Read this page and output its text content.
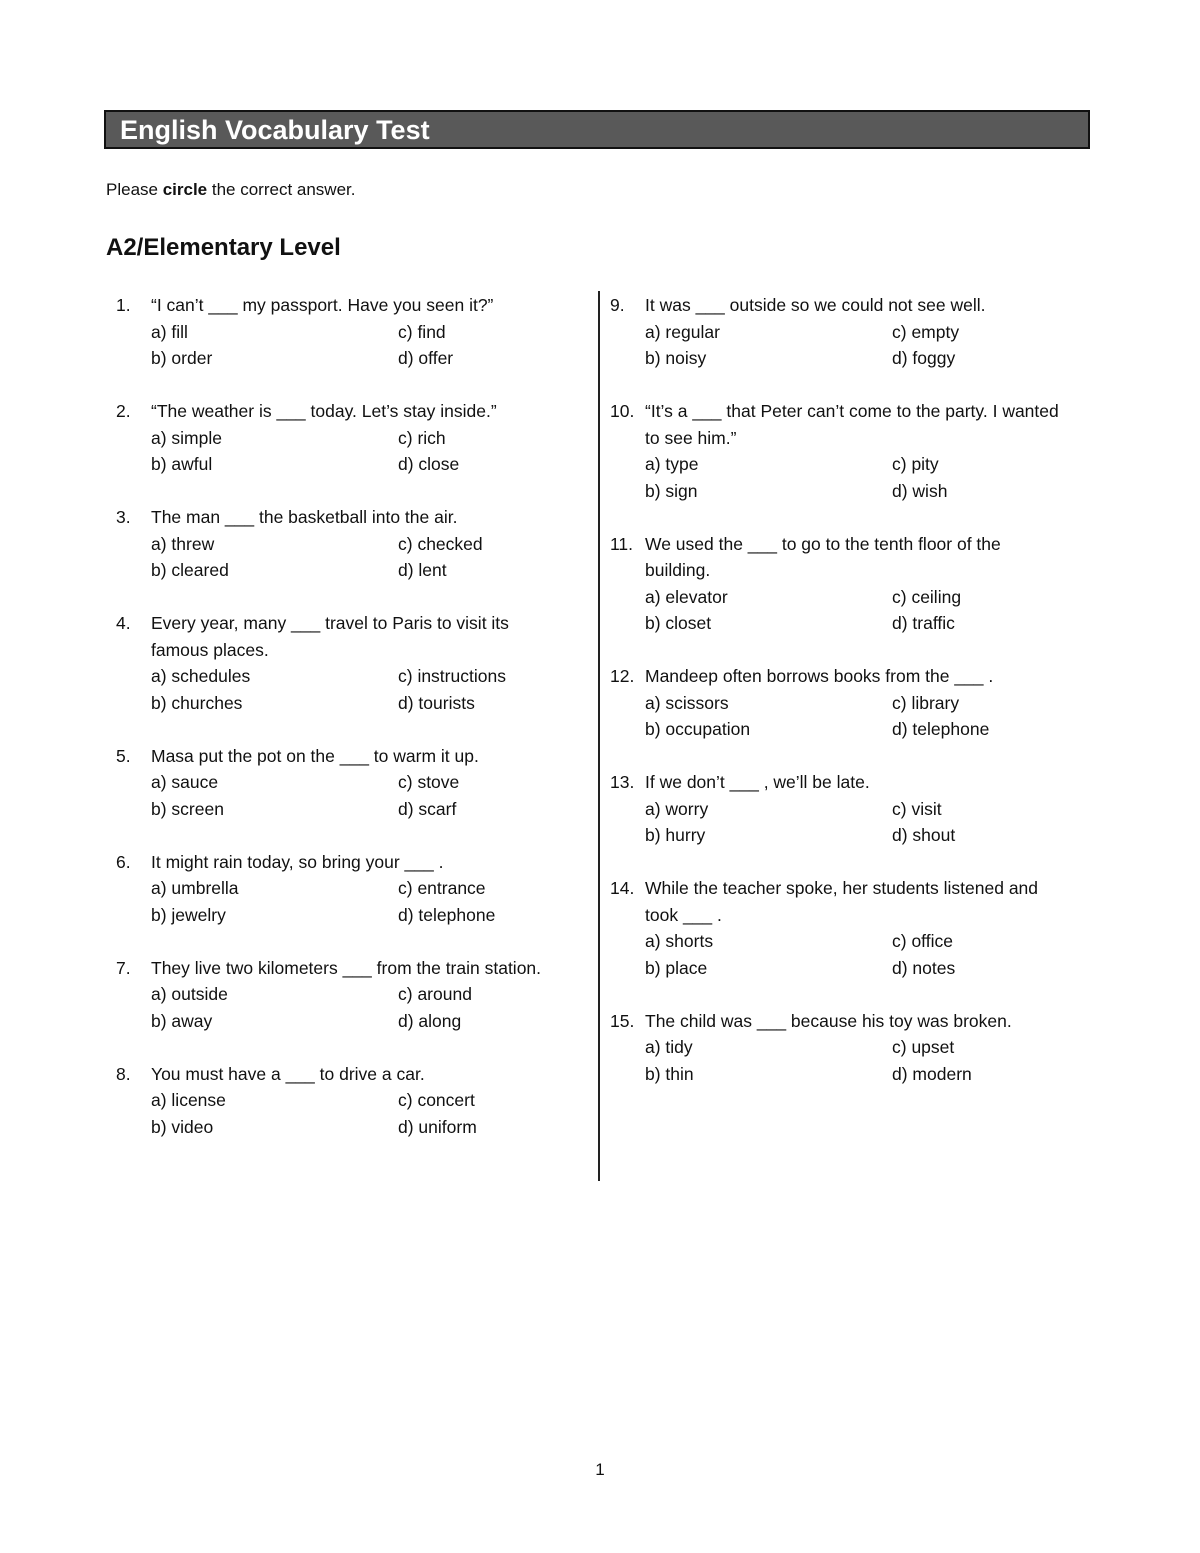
English Vocabulary Test
Please circle the correct answer.
A2/Elementary Level
1. “I can’t ___ my passport. Have you seen it?”
a) fill	c) find
b) order	d) offer
2. “The weather is ___ today. Let’s stay inside.”
a) simple	c) rich
b) awful	d) close
3. The man ___ the basketball into the air.
a) threw	c) checked
b) cleared	d) lent
4. Every year, many ___ travel to Paris to visit its famous places.
a) schedules	c) instructions
b) churches	d) tourists
5. Masa put the pot on the ___ to warm it up.
a) sauce	c) stove
b) screen	d) scarf
6. It might rain today, so bring your ___ .
a) umbrella	c) entrance
b) jewelry	d) telephone
7. They live two kilometers ___ from the train station.
a) outside	c) around
b) away	d) along
8. You must have a ___ to drive a car.
a) license	c) concert
b) video	d) uniform
9. It was ___ outside so we could not see well.
a) regular	c) empty
b) noisy	d) foggy
10. “It’s a ___ that Peter can’t come to the party. I wanted to see him.”
a) type	c) pity
b) sign	d) wish
11. We used the ___ to go to the tenth floor of the building.
a) elevator	c) ceiling
b) closet	d) traffic
12. Mandeep often borrows books from the ___ .
a) scissors	c) library
b) occupation	d) telephone
13. If we don’t ___ , we’ll be late.
a) worry	c) visit
b) hurry	d) shout
14. While the teacher spoke, her students listened and took ___ .
a) shorts	c) office
b) place	d) notes
15. The child was ___ because his toy was broken.
a) tidy	c) upset
b) thin	d) modern
1
